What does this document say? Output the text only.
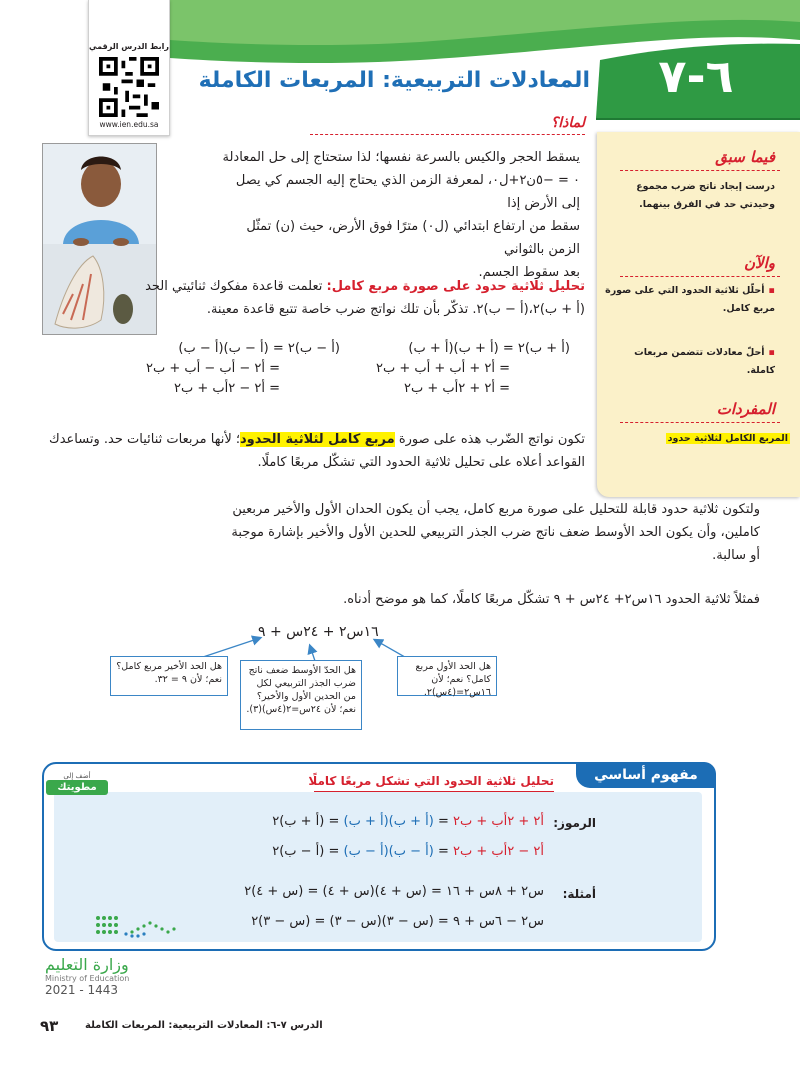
٦-٧
رابط الدرس الرقمي
www.ien.edu.sa
المعادلات التربيعية: المربعات الكاملة
لماذا؟
فيما سبق
درست إيجاد ناتج ضرب مجموع وحيدتي حد في الفرق بينهما.
والآن
▪أحلّل ثلاثية الحدود التي على صورة مربع كامل.
▪أحلّ معادلات تتضمن مربعات كاملة.
المفردات
المربع الكامل لثلاثية حدود
يسقط الحجر والكيس بالسرعة نفسها؛ لذا ستحتاج إلى حل المعادلة
٠ = −٥ن٢+ل٠، لمعرفة الزمن الذي يحتاج إليه الجسم كي يصل إلى الأرض إذا
سقط من ارتفاع ابتدائي (ل٠) مترًا فوق الأرض، حيث (ن) تمثّل الزمن بالثواني
بعد سقوط الجسم.
تحليل ثلاثية حدود على صورة مربع كامل: تعلمت قاعدة مفكوك ثنائيتي الحد
(أ + ب)٢،(أ − ب)٢. تذكّر بأن تلك نواتج ضرب خاصة تتبع قاعدة معينة.
(أ + ب)٢ = (أ + ب)(أ + ب)
= أ٢ + أب + أب + ب٢
= أ٢ + ٢أب + ب٢
(أ − ب)٢ = (أ − ب)(أ − ب)
= أ٢ − أب − أب + ب٢
= أ٢ − ٢أب + ب٢
تكون نواتج الضّرب هذه على صورة مربع كامل لثلاثية الحدود؛ لأنها مربعات ثنائيات حد. وتساعدك
القواعد أعلاه على تحليل ثلاثية الحدود التي تشكّل مربعًا كاملًا.
ولتكون ثلاثية حدود قابلة للتحليل على صورة مربع كامل، يجب أن يكون الحدان الأول والأخير مربعين
كاملين، وأن يكون الحد الأوسط ضعف ناتج ضرب الجذر التربيعي للحدين الأول والأخير بإشارة موجبة
أو سالبة.
فمثلاً ثلاثية الحدود ١٦س٢+ ٢٤س + ٩ تشكّل مربعًا كاملًا، كما هو موضح أدناه.
١٦س٢ + ٢٤س + ٩
هل الحد الأول مربع كامل؟ نعم؛ لأن ١٦س٢=(٤س)٢.
هل الحدّ الأوسط ضعف ناتج ضرب الجذر التربيعي لكل من الحدين الأول والأخير؟ نعم؛ لأن ٢٤س=٢(٤س)(٣).
هل الحد الأخير مربع كامل؟ نعم؛ لأن ٩ = ٣٢.
مفهوم أساسي
تحليل ثلاثية الحدود التي تشكل مربعًا كاملًا
أضف إلى
مطويتك
الرموز:
أ٢ + ٢أب + ب٢ = (أ + ب)(أ + ب) = (أ + ب)٢
أ٢ − ٢أب + ب٢ = (أ − ب)(أ − ب) = (أ − ب)٢
أمثلة:
س٢ + ٨س + ١٦ = (س + ٤)(س + ٤) = (س + ٤)٢
س٢ − ٦س + ٩ = (س − ٣)(س − ٣) = (س − ٣)٢
وزارة التعليم
Ministry of Education
2021 - 1443
٩٣	الدرس ٧-٦: المعادلات التربيعية: المربعات الكاملة
